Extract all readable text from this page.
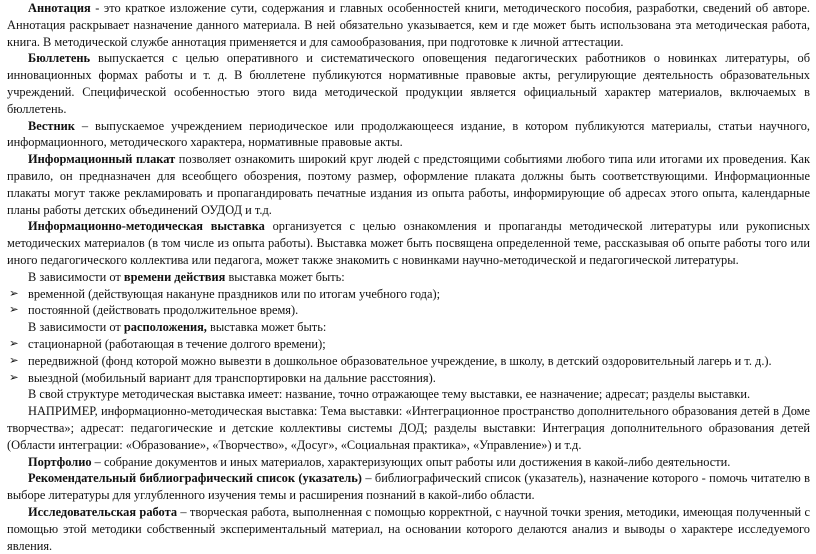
Аннотация - это краткое изложение сути, содержания и главных особенностей книги, методического пособия, разработки, сведений об авторе. Аннотация раскрывает назначение данного материала. В ней обязательно указывается, кем и где может быть использована эта методическая работа, книга. В методической службе аннотация применяется и для самообразования, при подготовке к личной аттестации.

Бюллетень выпускается с целью оперативного и систематического оповещения педагогических работников о новинках литературы, об инновационных формах работы и т. д. В бюллетене публикуются нормативные правовые акты, регулирующие деятельность образовательных учреждений. Специфической особенностью этого вида методической продукции является официальный характер материалов, включаемых в бюллетень.

Вестник – выпускаемое учреждением периодическое или продолжающееся издание, в котором публикуются материалы, статьи научного, информационного, методического характера, нормативные правовые акты.

Информационный плакат позволяет ознакомить широкий круг людей с предстоящими событиями любого типа или итогами их проведения. Как правило, он предназначен для всеобщего обозрения, поэтому размер, оформление плаката должны быть соответствующими. Информационные плакаты могут также рекламировать и пропагандировать печатные издания из опыта работы, информирующие об адресах этого опыта, календарные планы работы детских объединений ОУДОД и т.д.

Информационно-методическая выставка организуется с целью ознакомления и пропаганды методической литературы или рукописных методических материалов (в том числе из опыта работы). Выставка может быть посвящена определенной теме, рассказывая об опыте работы того или иного педагогического коллектива или педагога, может также знакомить с новинками научно-методической и педагогической литературы.

В зависимости от времени действия выставка может быть:

➢ временной (действующая накануне праздников или по итогам учебного года);
➢ постоянной (действовать продолжительное время).

В зависимости от расположения, выставка может быть:

➢ стационарной (работающая в течение долгого времени);
➢ передвижной (фонд которой можно вывезти в дошкольное образовательное учреждение, в школу, в детский оздоровительный лагерь и т. д.).
➢ выездной (мобильный вариант для транспортировки на дальние расстояния).

В свой структуре методическая выставка имеет: название, точно отражающее тему выставки, ее назначение; адресат; разделы выставки.

НАПРИМЕР, информационно-методическая выставка: Тема выставки: «Интеграционное пространство дополнительного образования детей в Доме творчества»; адресат: педагогические и детские коллективы системы ДОД; разделы выставки: Интеграция дополнительного образования детей (Области интеграции: «Образование», «Творчество», «Досуг», «Социальная практика», «Управление») и т.д.

Портфолио – собрание документов и иных материалов, характеризующих опыт работы или достижения в какой-либо деятельности.

Рекомендательный библиографический список (указатель) – библиографический список (указатель), назначение которого - помочь читателю в выборе литературы для углубленного изучения темы и расширения познаний в какой-либо области.

Исследовательская работа – творческая работа, выполненная с помощью корректной, с научной точки зрения, методики, имеющая полученный с помощью этой методики собственный экспериментальный материал, на основании которого делаются анализ и выводы о характере исследуемого явления.
